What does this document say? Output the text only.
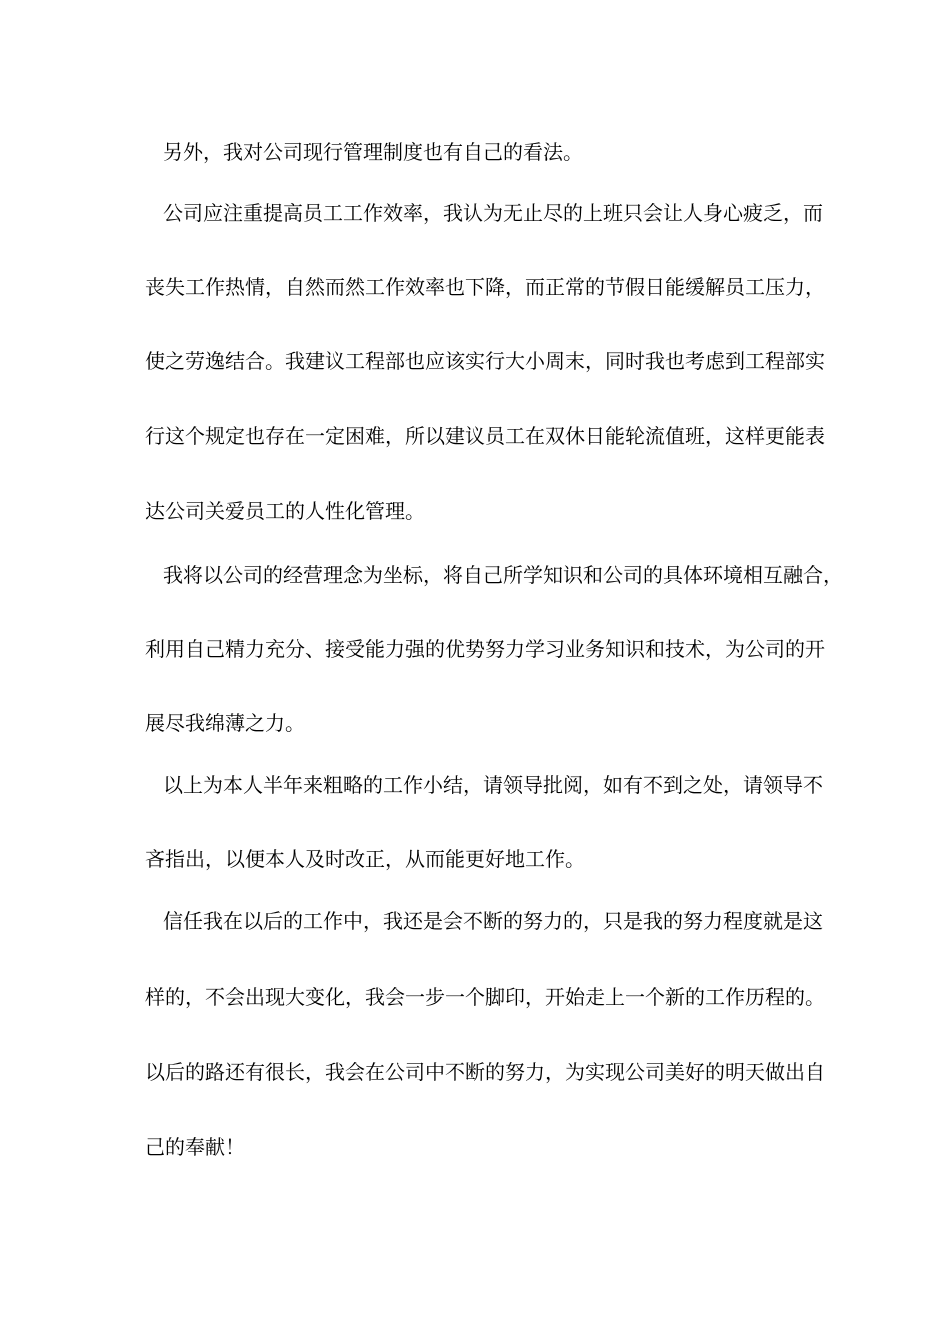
另外，我对公司现行管理制度也有自己的看法。
公司应注重提高员工工作效率，我认为无止尽的上班只会让人身心疲乏，而
丧失工作热情，自然而然工作效率也下降，而正常的节假日能缓解员工压力，
使之劳逸结合。我建议工程部也应该实行大小周末，同时我也考虑到工程部实
行这个规定也存在一定困难，所以建议员工在双休日能轮流值班，这样更能表
达公司关爱员工的人性化管理。
我将以公司的经营理念为坐标，将自己所学知识和公司的具体环境相互融合，
利用自己精力充分、接受能力强的优势努力学习业务知识和技术，为公司的开
展尽我绵薄之力。
以上为本人半年来粗略的工作小结，请领导批阅，如有不到之处，请领导不
吝指出，以便本人及时改正，从而能更好地工作。
信任我在以后的工作中，我还是会不断的努力的，只是我的努力程度就是这
样的，不会出现大变化，我会一步一个脚印，开始走上一个新的工作历程的。
以后的路还有很长，我会在公司中不断的努力，为实现公司美好的明天做出自
己的奉献！
